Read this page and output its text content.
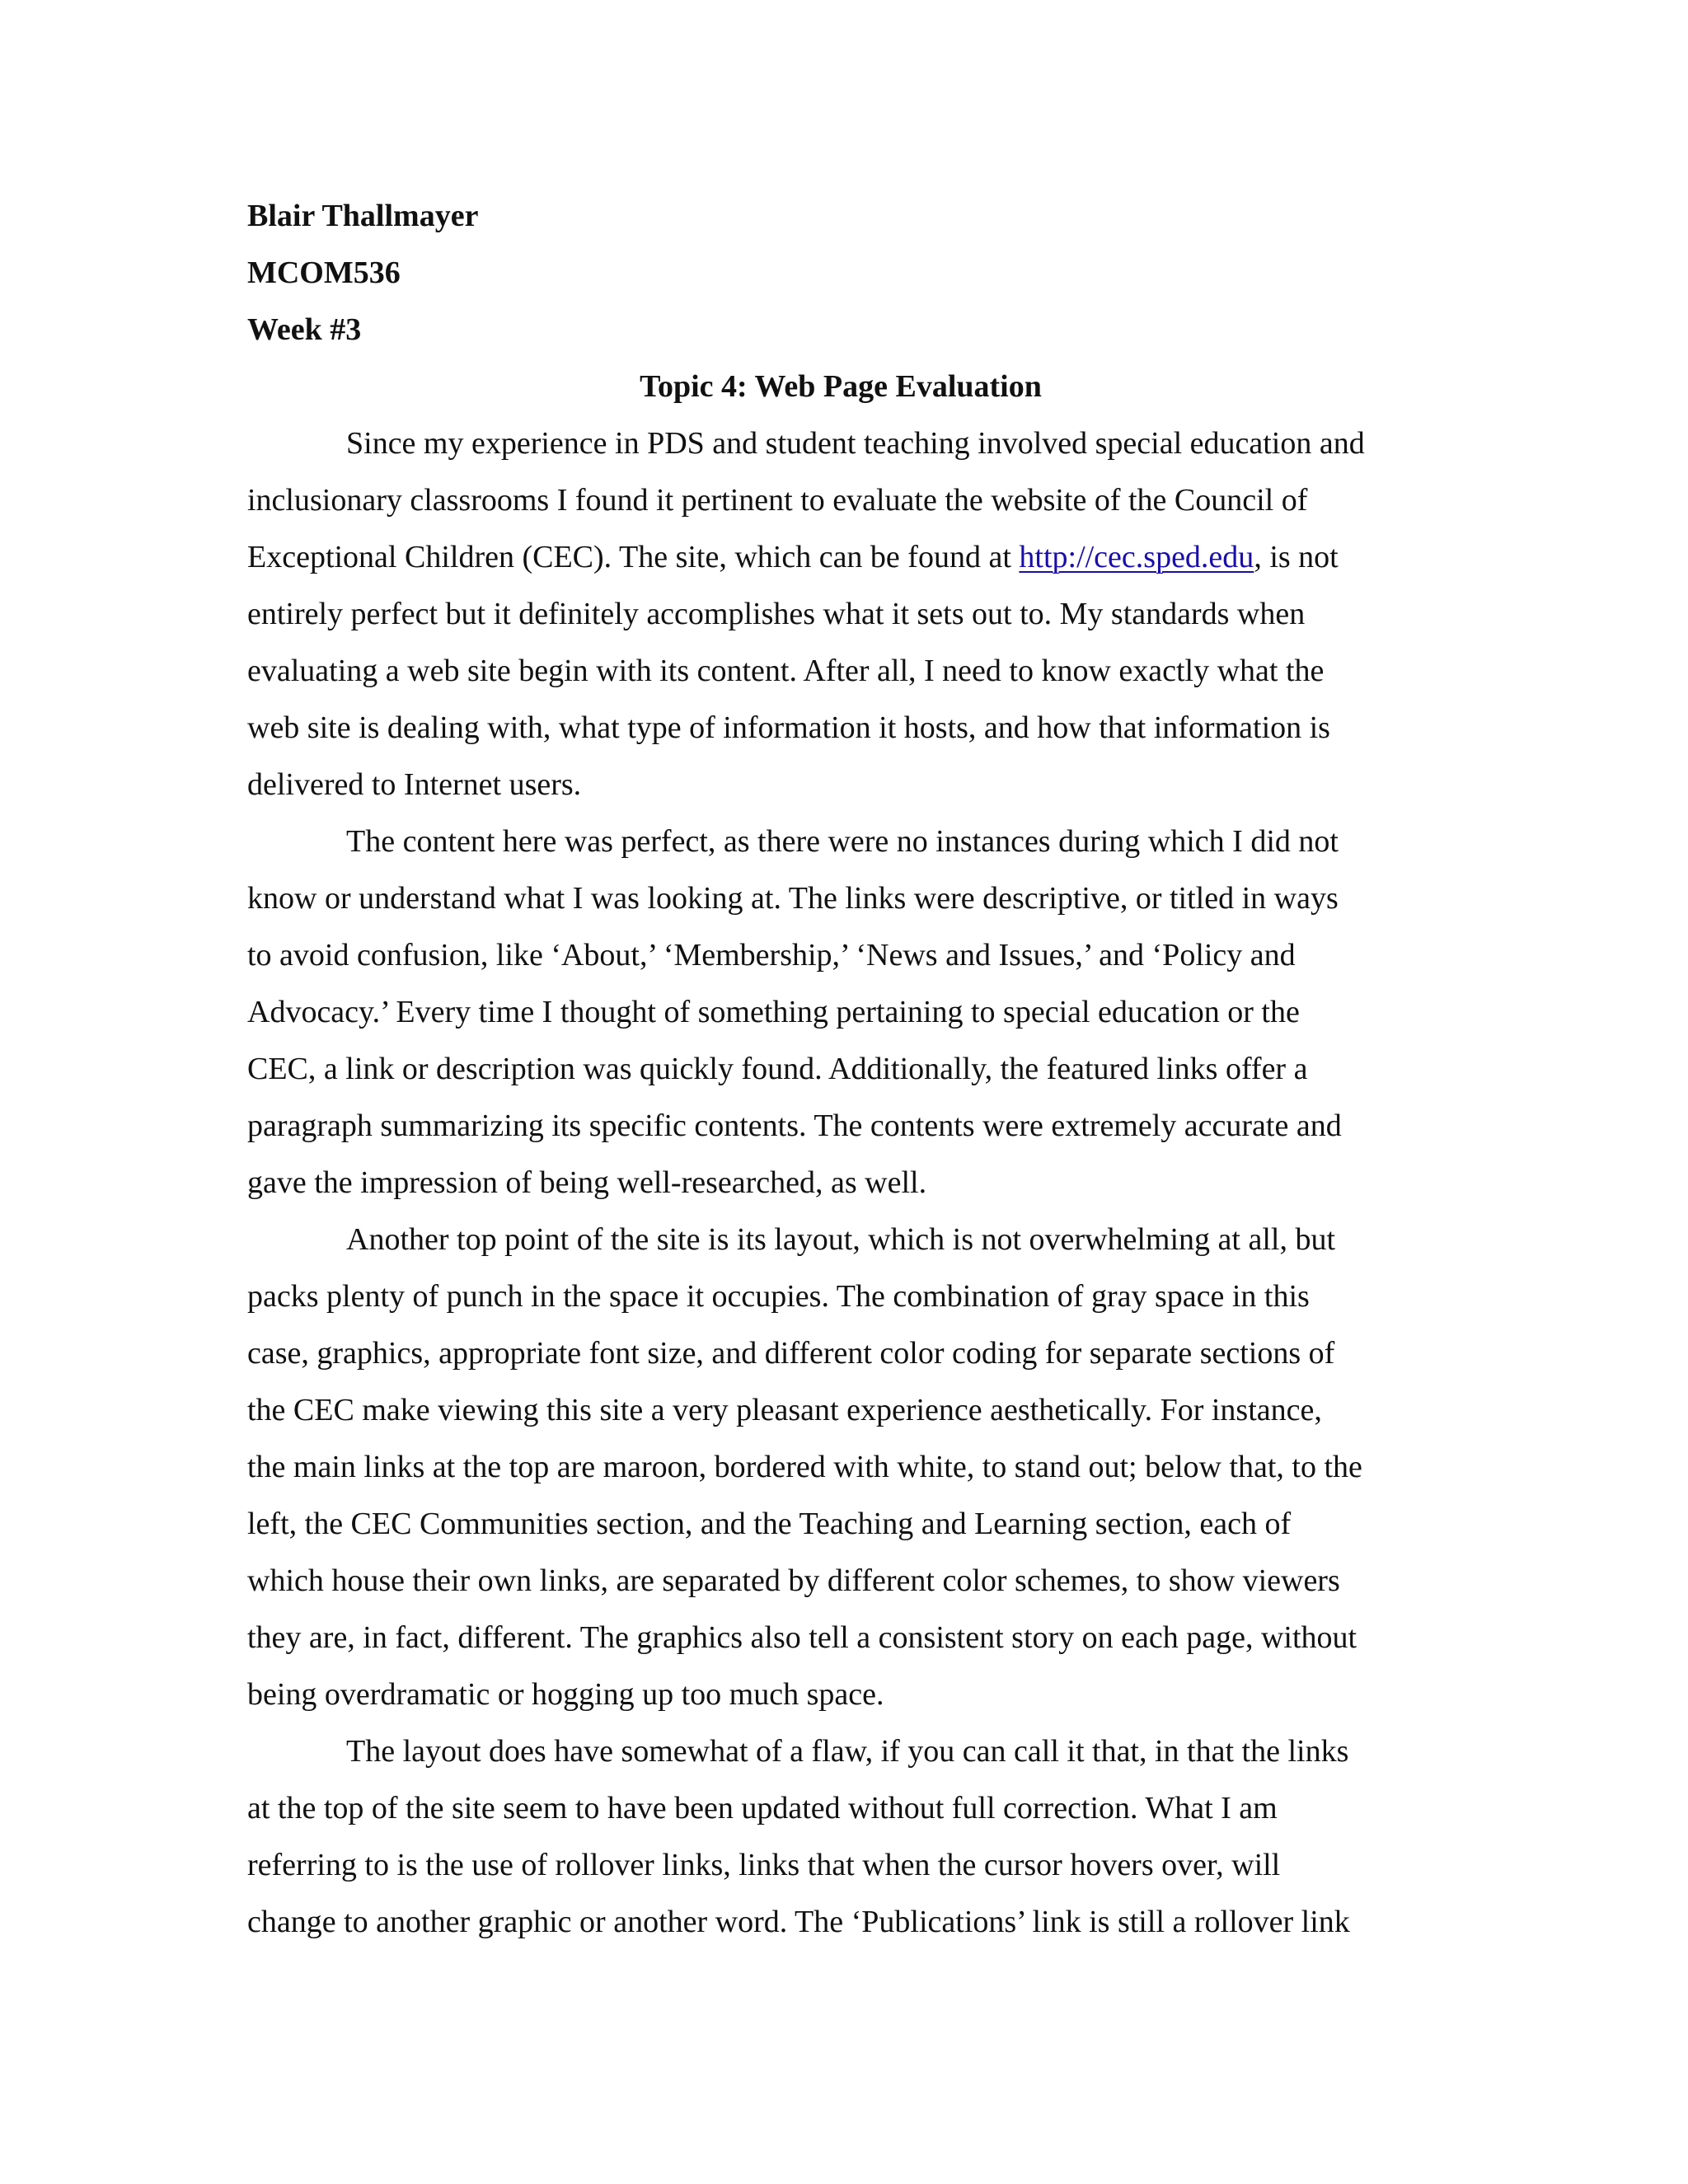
Blair Thallmayer
MCOM536
Week #3
Topic 4: Web Page Evaluation
Since my experience in PDS and student teaching involved special education and
inclusionary classrooms I found it pertinent to evaluate the website of the Council of
Exceptional Children (CEC). The site, which can be found at http://cec.sped.edu, is not
entirely perfect but it definitely accomplishes what it sets out to. My standards when
evaluating a web site begin with its content. After all, I need to know exactly what the
web site is dealing with, what type of information it hosts, and how that information is
delivered to Internet users.
The content here was perfect, as there were no instances during which I did not
know or understand what I was looking at. The links were descriptive, or titled in ways
to avoid confusion, like ‘About,’ ‘Membership,’ ‘News and Issues,’ and ‘Policy and
Advocacy.’ Every time I thought of something pertaining to special education or the
CEC, a link or description was quickly found. Additionally, the featured links offer a
paragraph summarizing its specific contents. The contents were extremely accurate and
gave the impression of being well-researched, as well.
Another top point of the site is its layout, which is not overwhelming at all, but
packs plenty of punch in the space it occupies. The combination of gray space in this
case, graphics, appropriate font size, and different color coding for separate sections of
the CEC make viewing this site a very pleasant experience aesthetically. For instance,
the main links at the top are maroon, bordered with white, to stand out; below that, to the
left, the CEC Communities section, and the Teaching and Learning section, each of
which house their own links, are separated by different color schemes, to show viewers
they are, in fact, different. The graphics also tell a consistent story on each page, without
being overdramatic or hogging up too much space.
The layout does have somewhat of a flaw, if you can call it that, in that the links
at the top of the site seem to have been updated without full correction. What I am
referring to is the use of rollover links, links that when the cursor hovers over, will
change to another graphic or another word. The ‘Publications’ link is still a rollover link
